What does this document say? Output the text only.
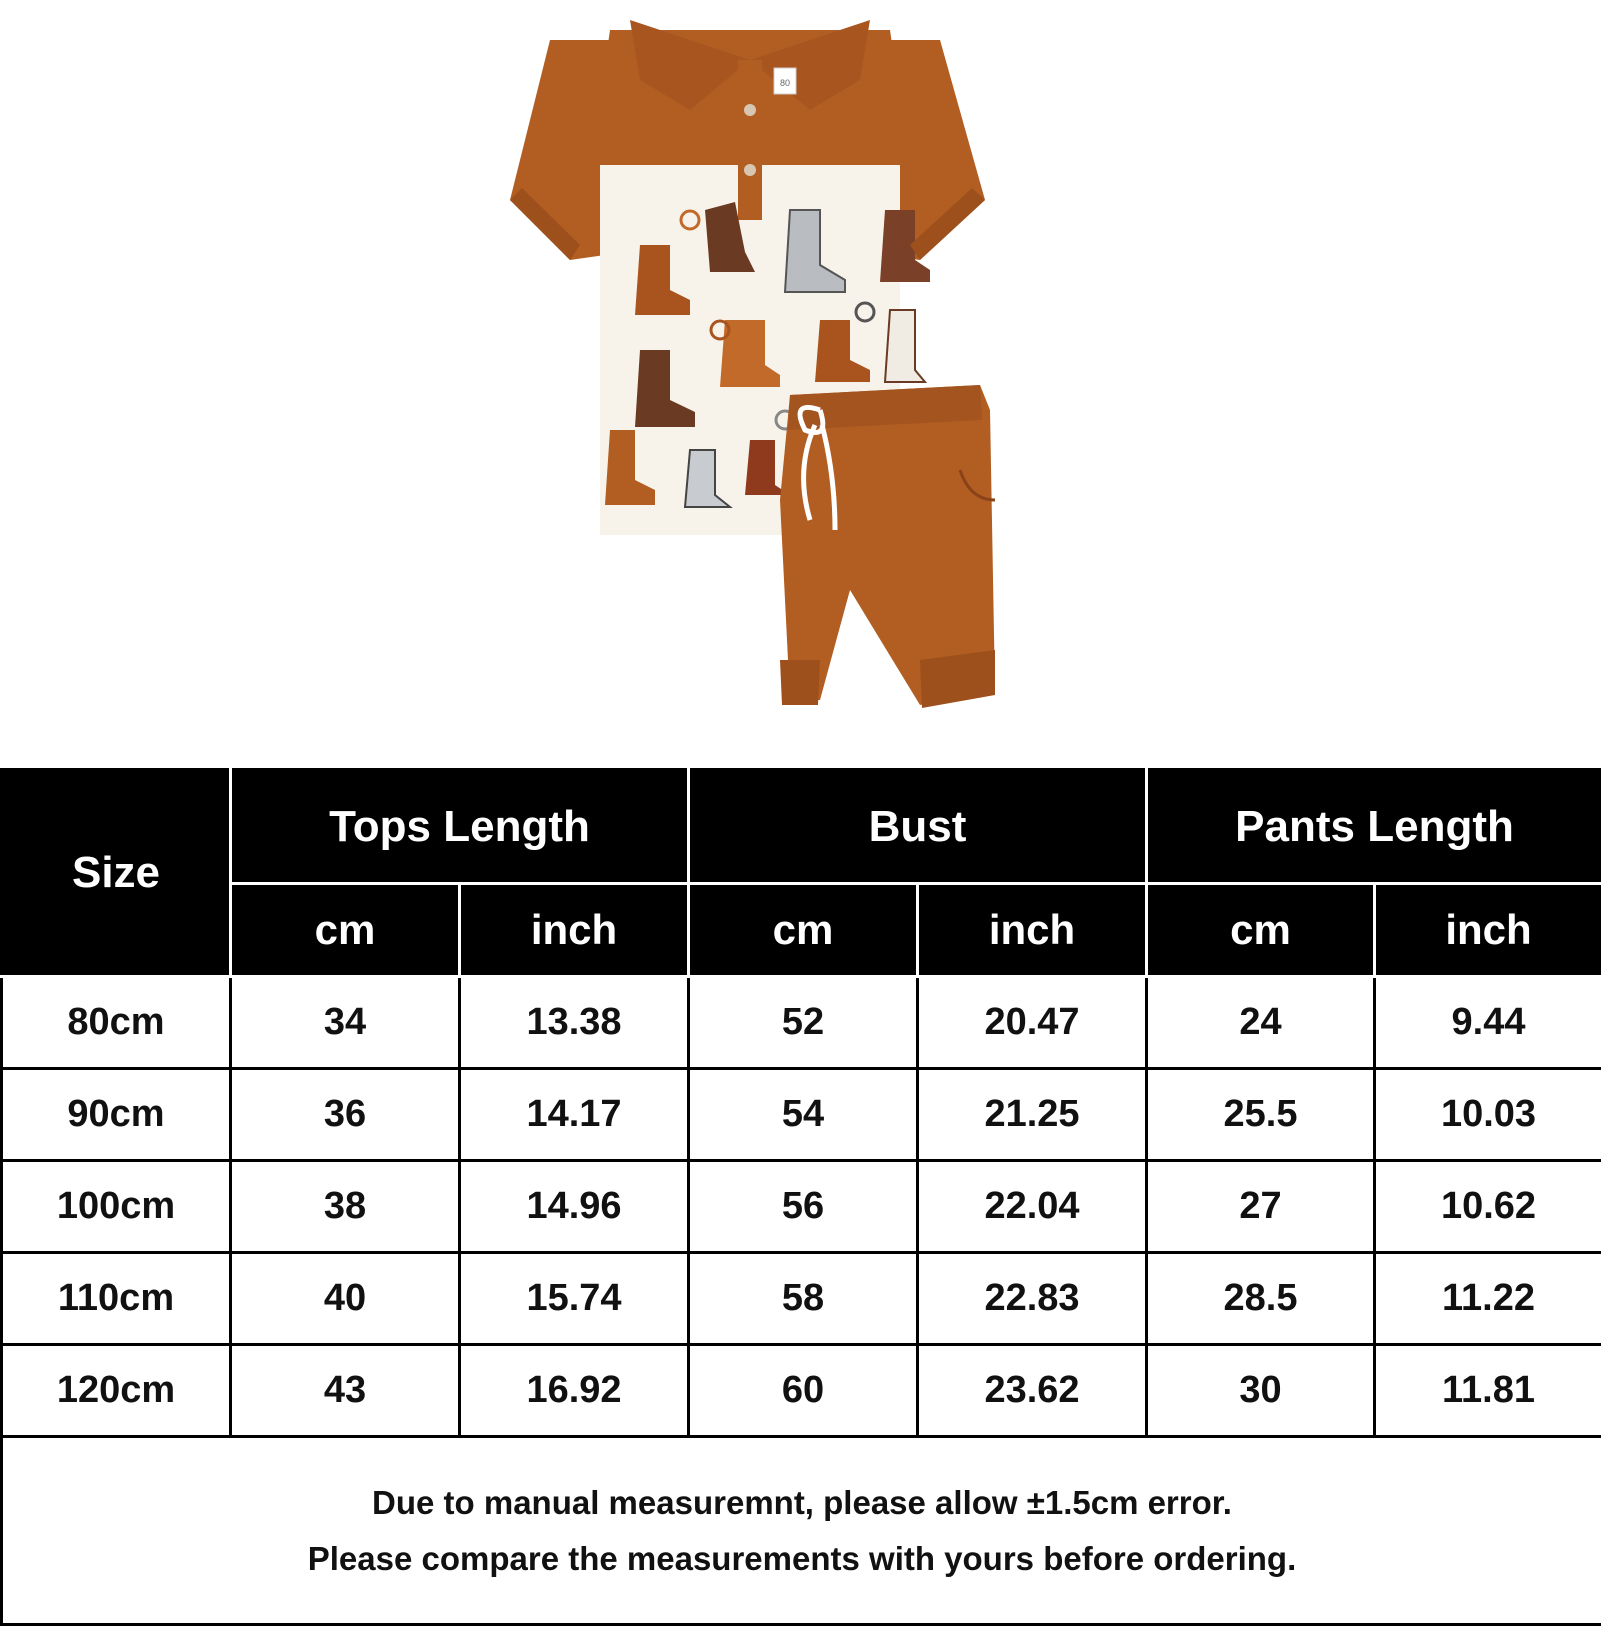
80
Size	Tops Length		Bust		Pants Length	
	cm	inch	cm	inch	cm	inch
80cm	34	13.38	52	20.47	24	9.44
90cm	36	14.17	54	21.25	25.5	10.03
100cm	38	14.96	56	22.04	27	10.62
110cm	40	15.74	58	22.83	28.5	11.22
120cm	43	16.92	60	23.62	30	11.81

Due to manual measuremnt, please allow ±1.5cm error.
Please compare the measurements with yours before ordering.						
